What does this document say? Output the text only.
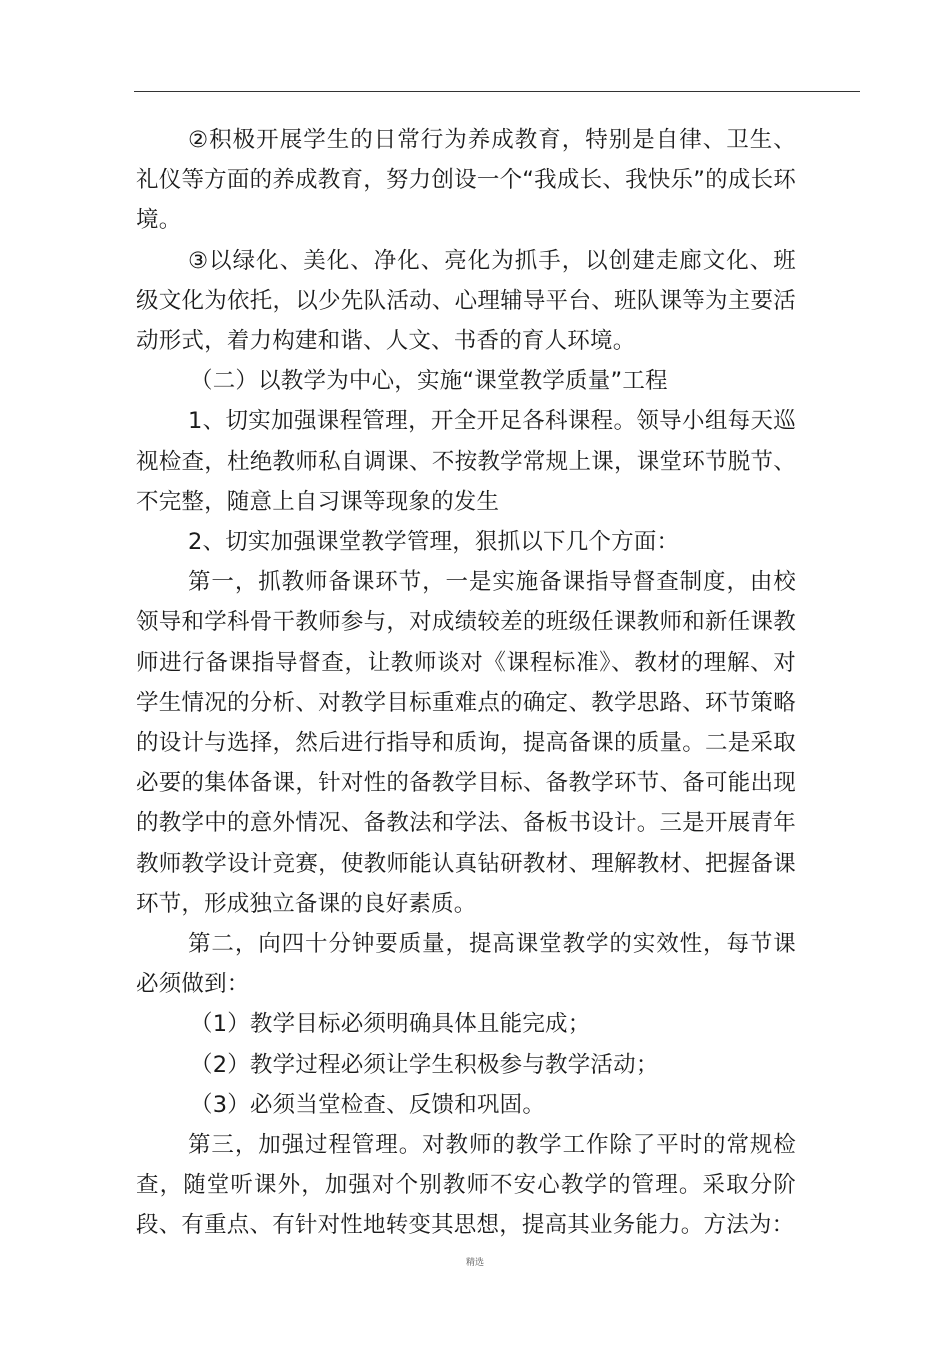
②积极开展学生的日常行为养成教育，特别是自律、卫生、礼仪等方面的养成教育，努力创设一个“我成长、我快乐”的成长环境。

③以绿化、美化、净化、亮化为抓手，以创建走廊文化、班级文化为依托，以少先队活动、心理辅导平台、班队课等为主要活动形式，着力构建和谐、人文、书香的育人环境。

（二）以教学为中心，实施“课堂教学质量”工程

1、切实加强课程管理，开全开足各科课程。领导小组每天巡视检查，杜绝教师私自调课、不按教学常规上课，课堂环节脱节、不完整，随意上自习课等现象的发生

2、切实加强课堂教学管理，狠抓以下几个方面：

第一，抓教师备课环节，一是实施备课指导督查制度，由校领导和学科骨干教师参与，对成绩较差的班级任课教师和新任课教师进行备课指导督查，让教师谈对《课程标准》、教材的理解、对学生情况的分析、对教学目标重难点的确定、教学思路、环节策略的设计与选择，然后进行指导和质询，提高备课的质量。二是采取必要的集体备课，针对性的备教学目标、备教学环节、备可能出现的教学中的意外情况、备教法和学法、备板书设计。三是开展青年教师教学设计竞赛，使教师能认真钻研教材、理解教材、把握备课环节，形成独立备课的良好素质。

第二，向四十分钟要质量，提高课堂教学的实效性，每节课必须做到：

（1）教学目标必须明确具体且能完成；

（2）教学过程必须让学生积极参与教学活动；

（3）必须当堂检查、反馈和巩固。

第三，加强过程管理。对教师的教学工作除了平时的常规检查，随堂听课外，加强对个别教师不安心教学的管理。采取分阶段、有重点、有针对性地转变其思想，提高其业务能力。方法为：

精选
